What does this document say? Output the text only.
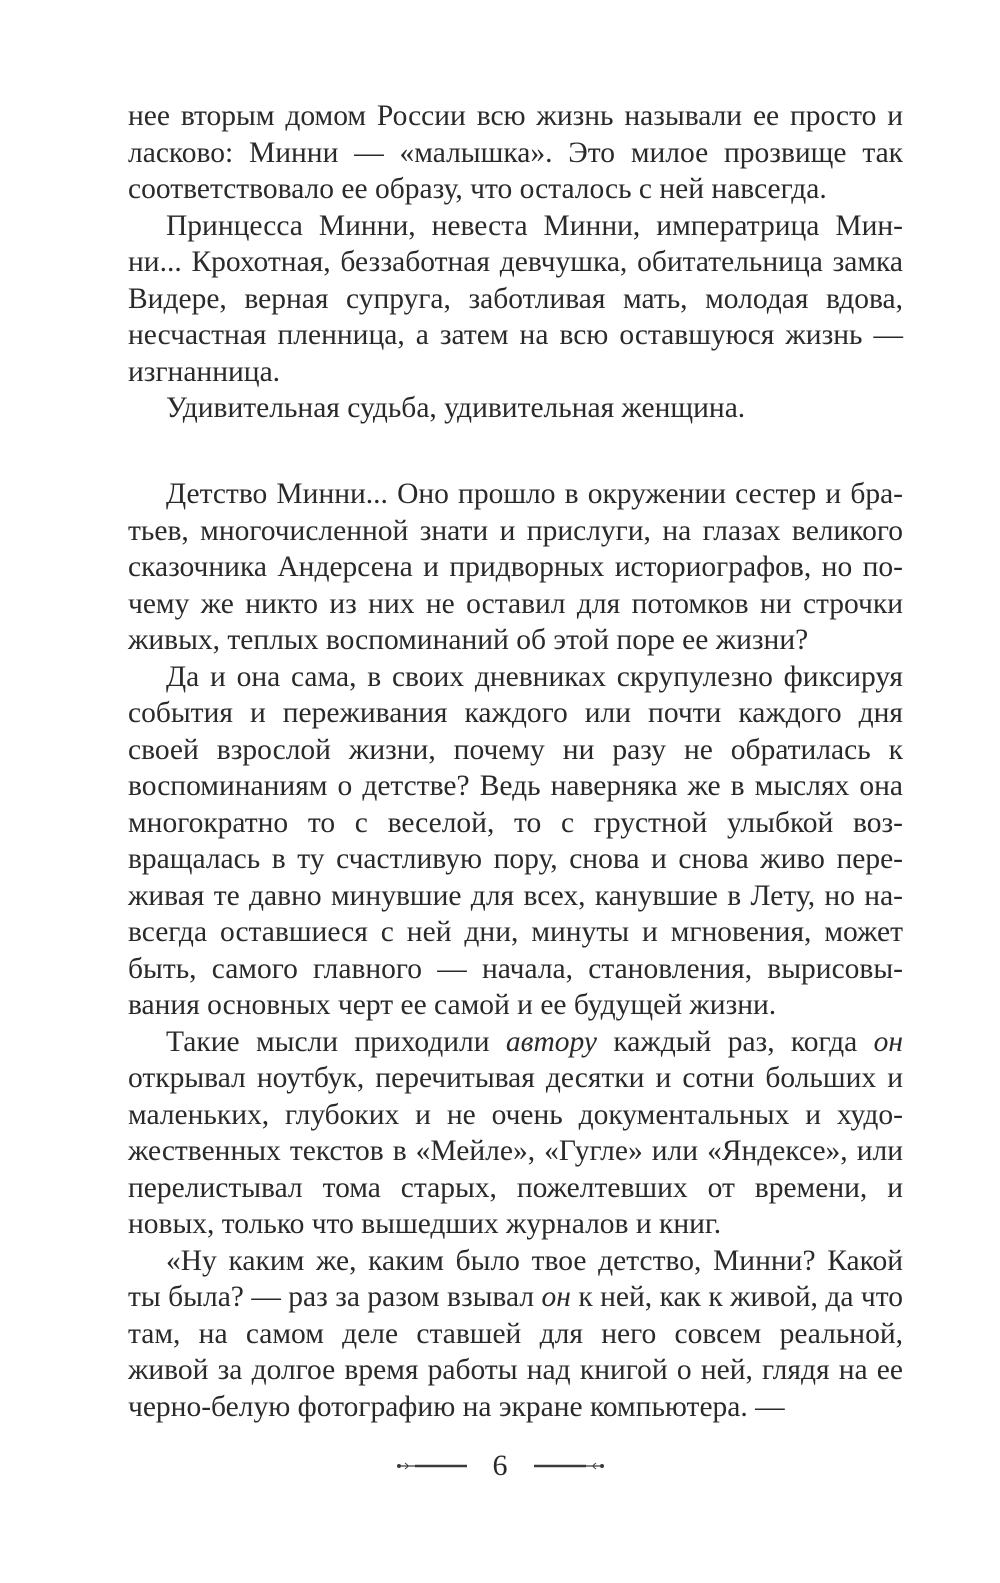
нее вторым домом России всю жизнь называли ее просто и ласково: Минни — «малышка». Это милое прозвище так соответствовало ее образу, что осталось с ней навсегда.

Принцесса Минни, невеста Минни, императрица Минни... Крохотная, беззаботная девчушка, обитательница замка Видере, верная супруга, заботливая мать, молодая вдова, несчастная пленница, а затем на всю оставшуюся жизнь — изгнанница.

Удивительная судьба, удивительная женщина.

Детство Минни... Оно прошло в окружении сестер и братьев, многочисленной знати и прислуги, на глазах великого сказочника Андерсена и придворных историографов, но почему же никто из них не оставил для потомков ни строчки живых, теплых воспоминаний об этой поре ее жизни?

Да и она сама, в своих дневниках скрупулезно фиксируя события и переживания каждого или почти каждого дня своей взрослой жизни, почему ни разу не обратилась к воспоминаниям о детстве? Ведь наверняка же в мыслях она многократно то с веселой, то с грустной улыбкой возвращалась в ту счастливую пору, снова и снова живо переживая те давно минувшие для всех, канувшие в Лету, но навсегда оставшиеся с ней дни, минуты и мгновения, может быть, самого главного — начала, становления, вырисовывания основных черт ее самой и ее будущей жизни.

Такие мысли приходили автору каждый раз, когда он открывал ноутбук, перечитывая десятки и сотни больших и маленьких, глубоких и не очень документальных и художественных текстов в «Мейле», «Гугле» или «Яндексе», или перелистывал тома старых, пожелтевших от времени, и новых, только что вышедших журналов и книг.

«Ну каким же, каким было твое детство, Минни? Какой ты была? — раз за разом взывал он к ней, как к живой, да что там, на самом деле ставшей для него совсем реальной, живой за долгое время работы над книгой о ней, глядя на ее черно-белую фотографию на экране компьютера. —

6
